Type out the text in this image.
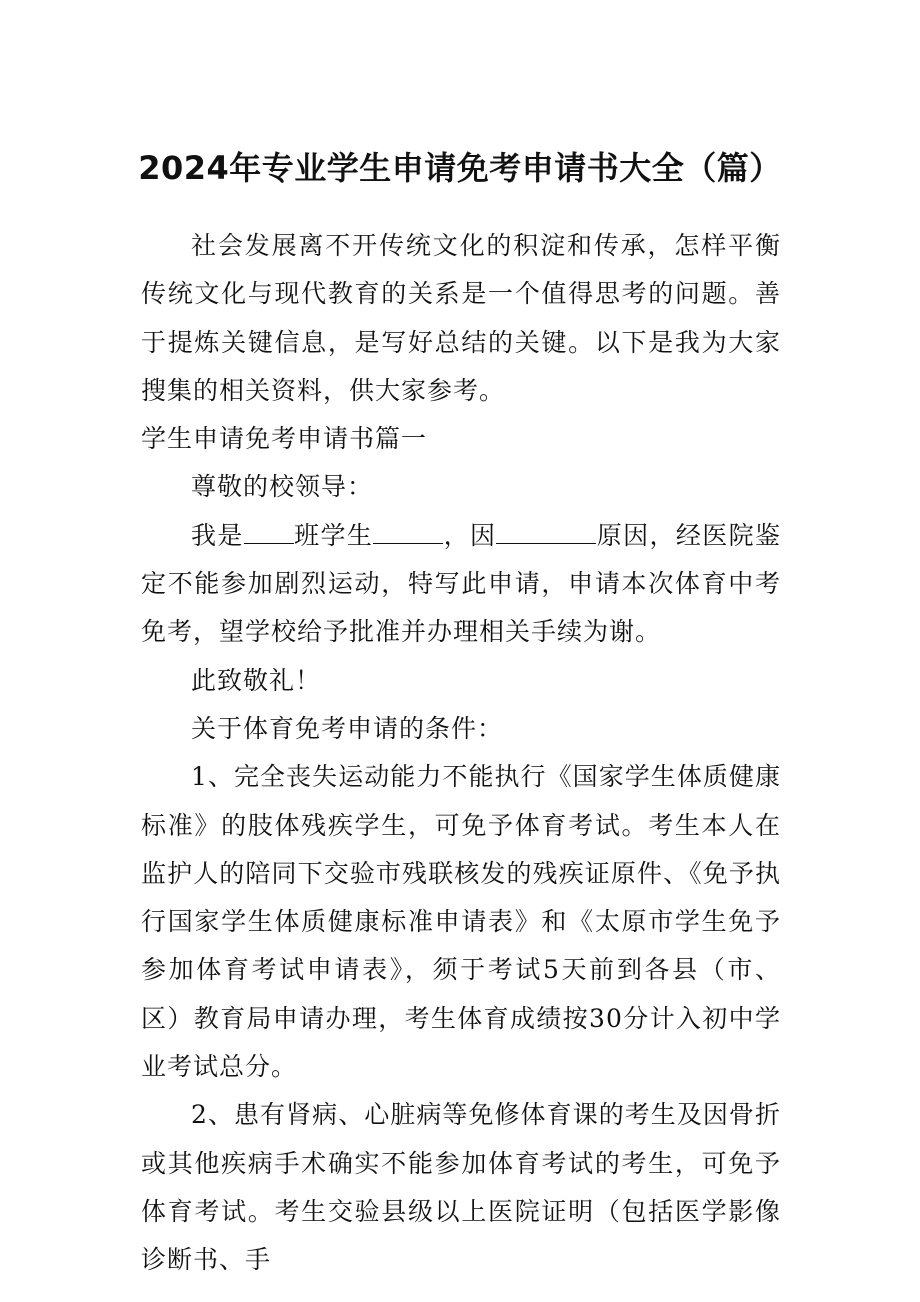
2024年专业学生申请免考申请书大全（篇）

社会发展离不开传统文化的积淀和传承，怎样平衡传统文化与现代教育的关系是一个值得思考的问题。善于提炼关键信息，是写好总结的关键。以下是我为大家搜集的相关资料，供大家参考。

学生申请免考申请书篇一

尊敬的校领导：

我是 班学生	，因	原因，经医院鉴定不能参加剧烈运动，特写此申请，申请本次体育中考免考，望学校给予批准并办理相关手续为谢。

此致敬礼！

关于体育免考申请的条件：

1、完全丧失运动能力不能执行《国家学生体质健康标准》的肢体残疾学生，可免予体育考试。考生本人在监护人的陪同下交验市残联核发的残疾证原件、《免予执行国家学生体质健康标准申请表》和《太原市学生免予参加体育考试申请表》，须于考试5天前到各县（市、区）教育局申请办理，考生体育成绩按30分计入初中学业考试总分。

2、患有肾病、心脏病等免修体育课的考生及因骨折或其他疾病手术确实不能参加体育考试的考生，可免予体育考试。考生交验县级以上医院证明（包括医学影像诊断书、手
